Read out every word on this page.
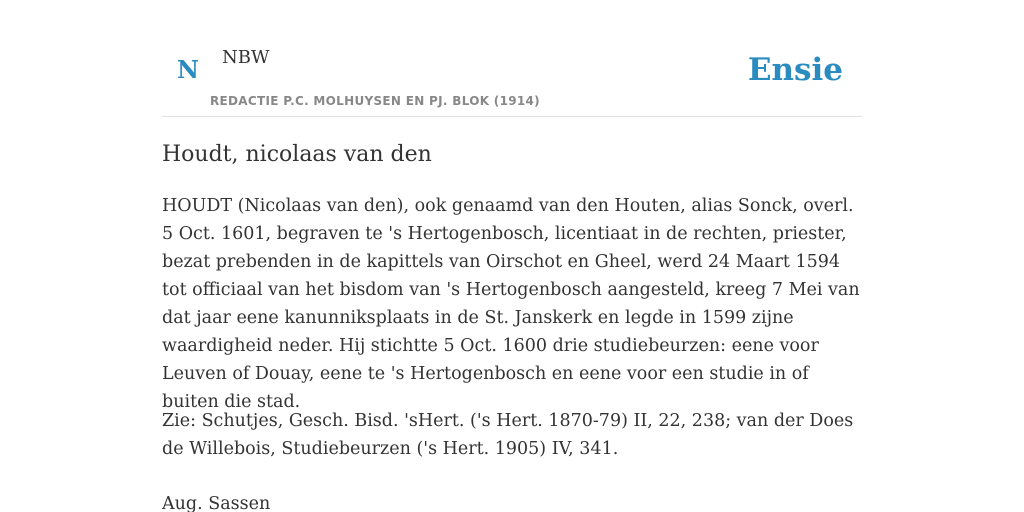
N NBW
REDACTIE P.C. MOLHUYSEN EN PJ. BLOK (1914)
Ensie
Houdt, nicolaas van den

HOUDT (Nicolaas van den), ook genaamd van den Houten, alias Sonck, overl. 5 Oct. 1601, begraven te 's Hertogenbosch, licentiaat in de rechten, priester, bezat prebenden in de kapittels van Oirschot en Gheel, werd 24 Maart 1594 tot officiaal van het bisdom van 's Hertogenbosch aangesteld, kreeg 7 Mei van dat jaar eene kanunniksplaats in de St. Janskerk en legde in 1599 zijne waardigheid neder. Hij stichtte 5 Oct. 1600 drie studiebeurzen: eene voor Leuven of Douay, eene te 's Hertogenbosch en eene voor een studie in of buiten die stad.

Zie: Schutjes, Gesch. Bisd. 'sHert. ('s Hert. 1870-79) II, 22, 238; van der Does de Willebois, Studiebeurzen ('s Hert. 1905) IV, 341.

Aug. Sassen
